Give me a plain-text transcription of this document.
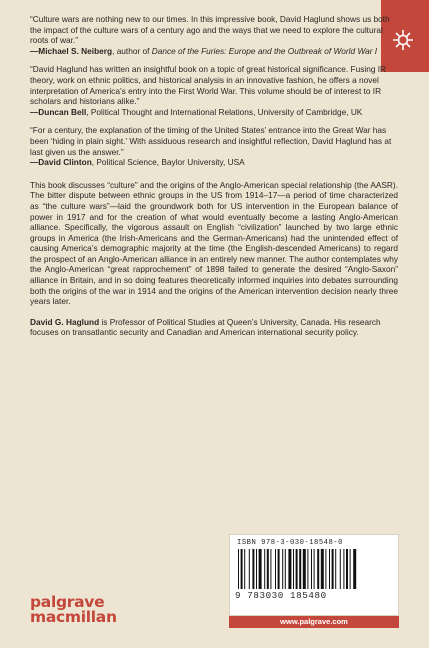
“Culture wars are nothing new to our times. In this impressive book, David Haglund shows us both the impact of the culture wars of a century ago and the ways that we need to explore the cultural roots of war.”
—Michael S. Neiberg, author of Dance of the Furies: Europe and the Outbreak of World War I
“David Haglund has written an insightful book on a topic of great historical significance. Fusing IR theory, work on ethnic politics, and historical analysis in an innovative fashion, he offers a novel interpretation of America’s entry into the First World War. This volume should be of interest to IR scholars and historians alike.”
—Duncan Bell, Political Thought and International Relations, University of Cambridge, UK
“For a century, the explanation of the timing of the United States’ entrance into the Great War has been ‘hiding in plain sight.’ With assiduous research and insightful reflection, David Haglund has at last given us the answer.”
—David Clinton, Political Science, Baylor University, USA
This book discusses “culture” and the origins of the Anglo-American special relationship (the AASR). The bitter dispute between ethnic groups in the US from 1914–17—a period of time characterized as “the culture wars”—laid the groundwork both for US intervention in the European balance of power in 1917 and for the creation of what would eventually become a lasting Anglo-American alliance. Specifically, the vigorous assault on English “civilization” launched by two large ethnic groups in America (the Irish-Americans and the German-Americans) had the unintended effect of causing America’s demographic majority at the time (the English-descended Americans) to regard the prospect of an Anglo-American alliance in an entirely new manner. The author contemplates why the Anglo-American “great rapprochement” of 1898 failed to generate the desired “Anglo-Saxon” alliance in Britain, and in so doing features theoretically informed inquiries into debates surrounding both the origins of the war in 1914 and the origins of the American intervention decision nearly three years later.
David G. Haglund is Professor of Political Studies at Queen’s University, Canada. His research focuses on transatlantic security and Canadian and American international security policy.
ISBN 978-3-030-18548-0
9 783030 185480
www.palgrave.com
palgrave
macmillan
